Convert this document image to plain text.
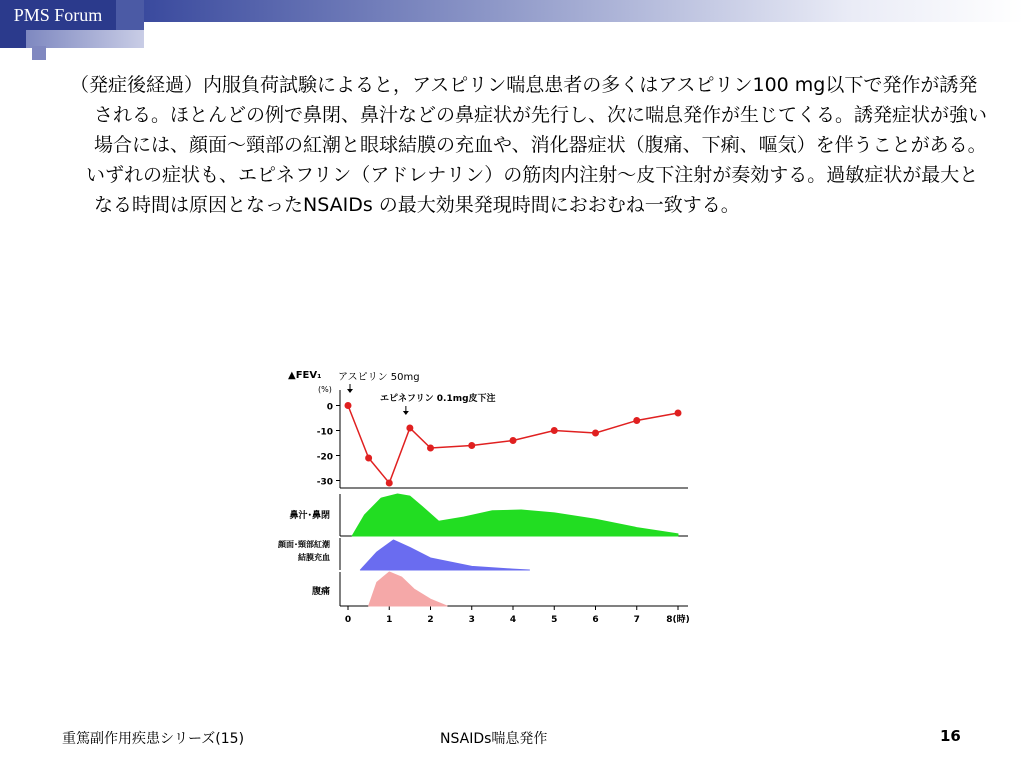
PMS Forum

（発症後経過）内服負荷試験によると，アスピリン喘息患者の多くはアスピリン100 mg以下で発作が誘発される。ほとんどの例で鼻閉、鼻汁などの鼻症状が先行し、次に喘息発作が生じてくる。誘発症状が強い場合には、顔面～頸部の紅潮と眼球結膜の充血や、消化器症状（腹痛、下痢、嘔気）を伴うことがある。

いずれの症状も、エピネフリン（アドレナリン）の筋肉内注射～皮下注射が奏効する。過敏症状が最大となる時間は原因となったNSAIDs の最大効果発現時間におおむね一致する。

▲FEV₁
(%)
アスピリン 50mg
エピネフリン 0.1mg皮下注
鼻汁･鼻閉
顔面･頸部紅潮
結膜充血
腹痛
0
-10
-20
-30
0	1	2	3	4	5	6	7	8(時)
重篤副作用疾患シリーズ(15)	NSAIDs喘息発作	16
